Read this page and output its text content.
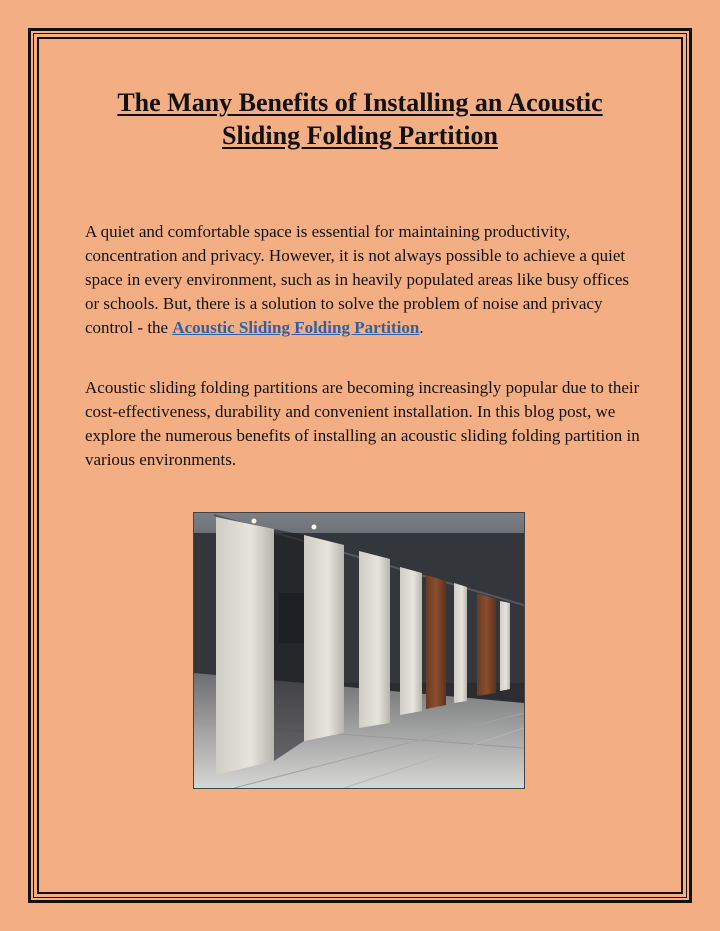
The Many Benefits of Installing an Acoustic
Sliding Folding Partition

A quiet and comfortable space is essential for maintaining productivity, concentration and privacy. However, it is not always possible to achieve a quiet space in every environment, such as in heavily populated areas like busy offices or schools. But, there is a solution to solve the problem of noise and privacy control - the Acoustic Sliding Folding Partition.

Acoustic sliding folding partitions are becoming increasingly popular due to their cost-effectiveness, durability and convenient installation. In this blog post, we explore the numerous benefits of installing an acoustic sliding folding partition in various environments.
